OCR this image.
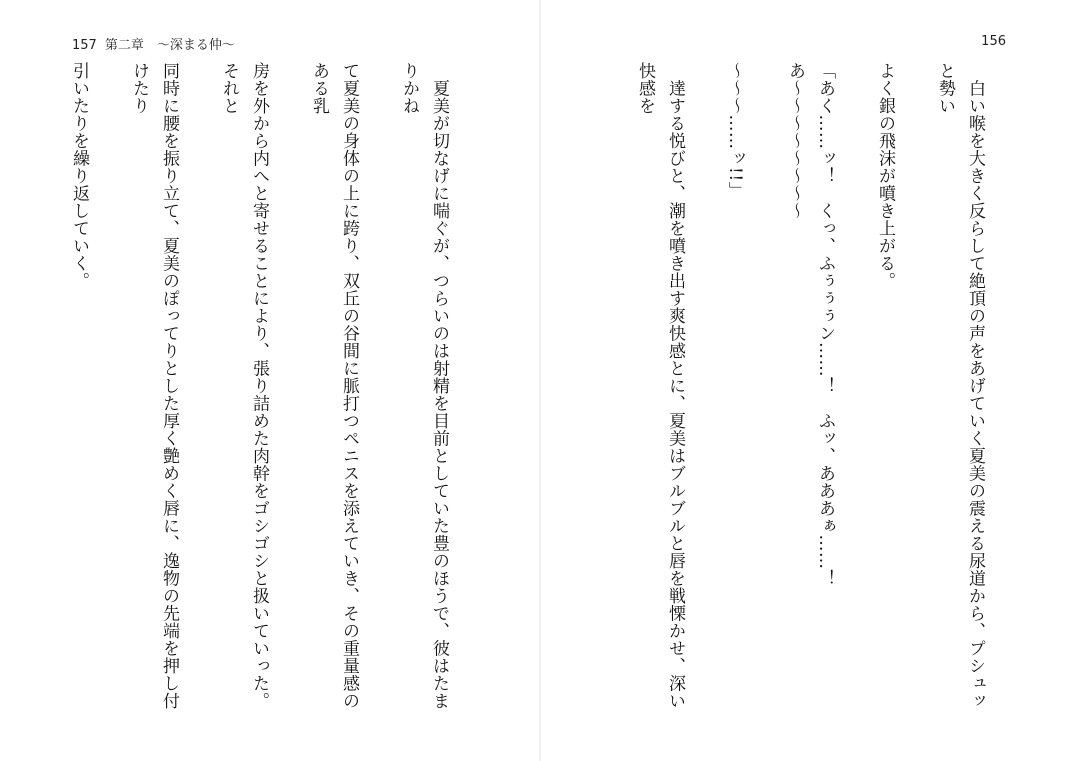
157 第二章　〜深まる仲〜

　夏美が切なげに喘ぐが、つらいのは射精を目前としていた豊のほうで、彼はたまりかね

て夏美の身体の上に跨り、双丘の谷間に脈打つペニスを添えていき、その重量感のある乳

房を外から内へと寄せることにより、張り詰めた肉幹をゴシゴシと扱いていった。それと

同時に腰を振り立て、夏美のぽってりとした厚く艶めく唇に、逸物の先端を押し付けたり

引いたりを繰り返していく。

156

　白い喉を大きく反らして絶頂の声をあげていく夏美の震える尿道から、プシュッと勢い

よく銀の飛沫が噴き上がる。

「あく……ッ！　くっ、ふぅぅぅン……！　ふッ、あああぁ……！　あ〜〜〜〜〜〜〜〜

〜〜〜……ッ!!」

　達する悦びと、潮を噴き出す爽快感とに、夏美はブルブルと唇を戦慄かせ、深い快感を
